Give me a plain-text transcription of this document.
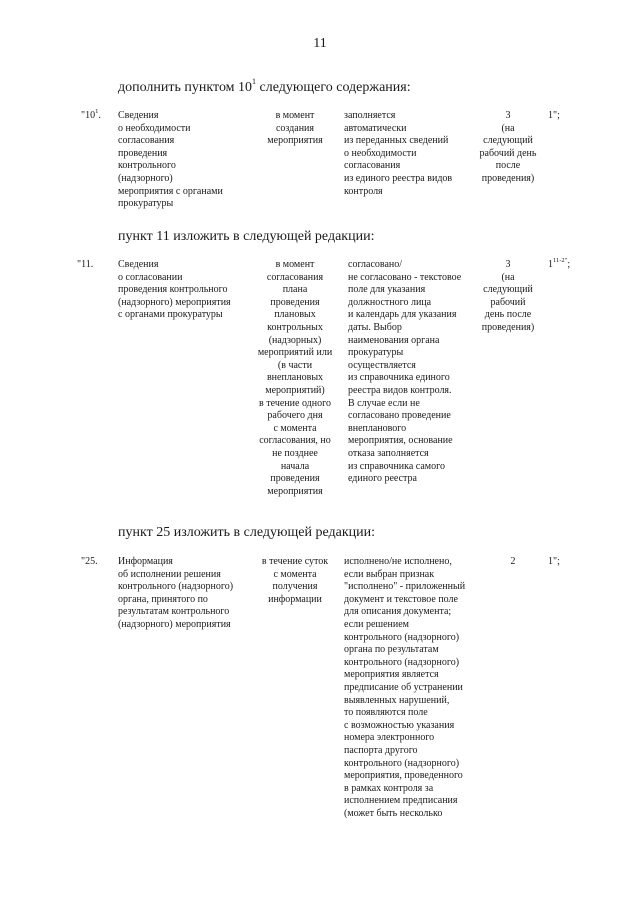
11
дополнить пунктом $10^1$ следующего содержания:
"$10^1$. Сведения
о необходимости
согласования
проведения
контрольного
(надзорного)
мероприятия с органами
прокуратуры
в момент
создания
мероприятия
заполняется
автоматически
из переданных сведений
о необходимости
согласования
из единого реестра видов
контроля
3
(на
следующий
рабочий день
после
проведения)
1";
пункт 11 изложить в следующей редакции:
"11. Сведения
о согласовании
проведения контрольного
(надзорного) мероприятия
с органами прокуратуры
в момент
согласования
плана
проведения
плановых
контрольных
(надзорных)
мероприятий или
(в части
внеплановых
мероприятий)
в течение одного
рабочего дня
с момента
согласования, но
не позднее
начала
проведения
мероприятия
согласовано/
не согласовано - текстовое
поле для указания
должностного лица
и календарь для указания
даты. Выбор
наименования органа
прокуратуры
осуществляется
из справочника единого
реестра видов контроля.
В случае если не
согласовано проведение
внепланового
мероприятия, основание
отказа заполняется
из справочника самого
единого реестра
3
(на
следующий
рабочий
день после
проведения)
$1^{11-2"}$;
пункт 25 изложить в следующей редакции:
"25. Информация
об исполнении решения
контрольного (надзорного)
органа, принятого по
результатам контрольного
(надзорного) мероприятия
в течение суток
с момента
получения
информации
исполнено/не исполнено,
если выбран признак
"исполнено" - приложенный
документ и текстовое поле
для описания документа;
если решением
контрольного (надзорного)
органа по результатам
контрольного (надзорного)
мероприятия является
предписание об устранении
выявленных нарушений,
то появляются поле
с возможностью указания
номера электронного
паспорта другого
контрольного (надзорного)
мероприятия, проведенного
в рамках контроля за
исполнением предписания
(может быть несколько
2	1";
